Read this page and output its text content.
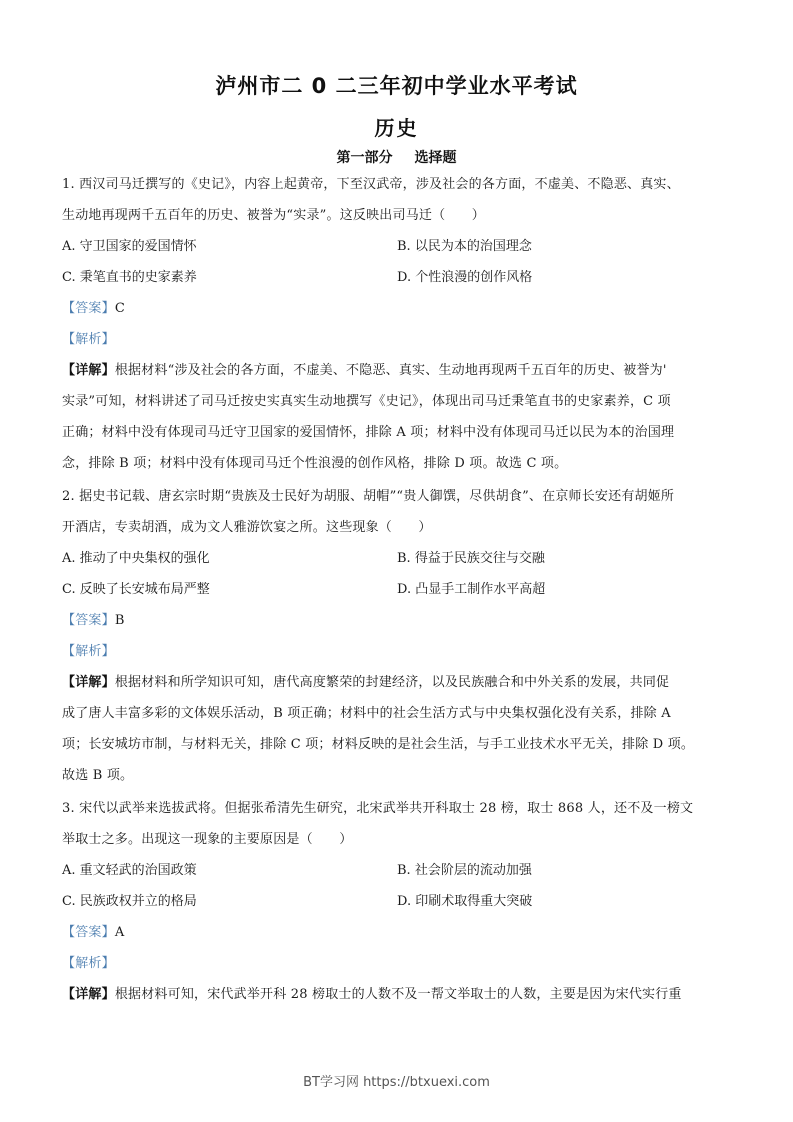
泸州市二 0 二三年初中学业水平考试
历史
第一部分 选择题
1. 西汉司马迁撰写的《史记》，内容上起黄帝，下至汉武帝，涉及社会的各方面，不虚美、不隐恶、真实、
生动地再现两千五百年的历史、被誉为“实录”。这反映出司马迁（　　）
A. 守卫国家的爱国情怀	B. 以民为本的治国理念
C. 秉笔直书的史家素养	D. 个性浪漫的创作风格
【答案】C
【解析】
【详解】根据材料“涉及社会的各方面，不虚美、不隐恶、真实、生动地再现两千五百年的历史、被誉为'
实录”可知，材料讲述了司马迁按史实真实生动地撰写《史记》，体现出司马迁秉笔直书的史家素养，C 项
正确；材料中没有体现司马迁守卫国家的爱国情怀，排除 A 项；材料中没有体现司马迁以民为本的治国理
念，排除 B 项；材料中没有体现司马迁个性浪漫的创作风格，排除 D 项。故选 C 项。
2. 据史书记载、唐玄宗时期“贵族及士民好为胡服、胡帽”“贵人御馔，尽供胡食”、在京师长安还有胡姬所
开酒店，专卖胡酒，成为文人雅游饮宴之所。这些现象（　　）
A. 推动了中央集权的强化	B. 得益于民族交往与交融
C. 反映了长安城布局严整	D. 凸显手工制作水平高超
【答案】B
【解析】
【详解】根据材料和所学知识可知，唐代高度繁荣的封建经济，以及民族融合和中外关系的发展，共同促
成了唐人丰富多彩的文体娱乐活动，B 项正确；材料中的社会生活方式与中央集权强化没有关系，排除 A
项；长安城坊市制，与材料无关，排除 C 项；材料反映的是社会生活，与手工业技术水平无关，排除 D 项。
故选 B 项。
3. 宋代以武举来选拔武将。但据张希清先生研究，北宋武举共开科取士 28 榜，取士 868 人，还不及一榜文
举取士之多。出现这一现象的主要原因是（　　）
A. 重文轻武的治国政策	B. 社会阶层的流动加强
C. 民族政权并立的格局	D. 印刷术取得重大突破
【答案】A
【解析】
【详解】根据材料可知，宋代武举开科 28 榜取士的人数不及一帮文举取士的人数，主要是因为宋代实行重
BT学习网 https://btxuexi.com
